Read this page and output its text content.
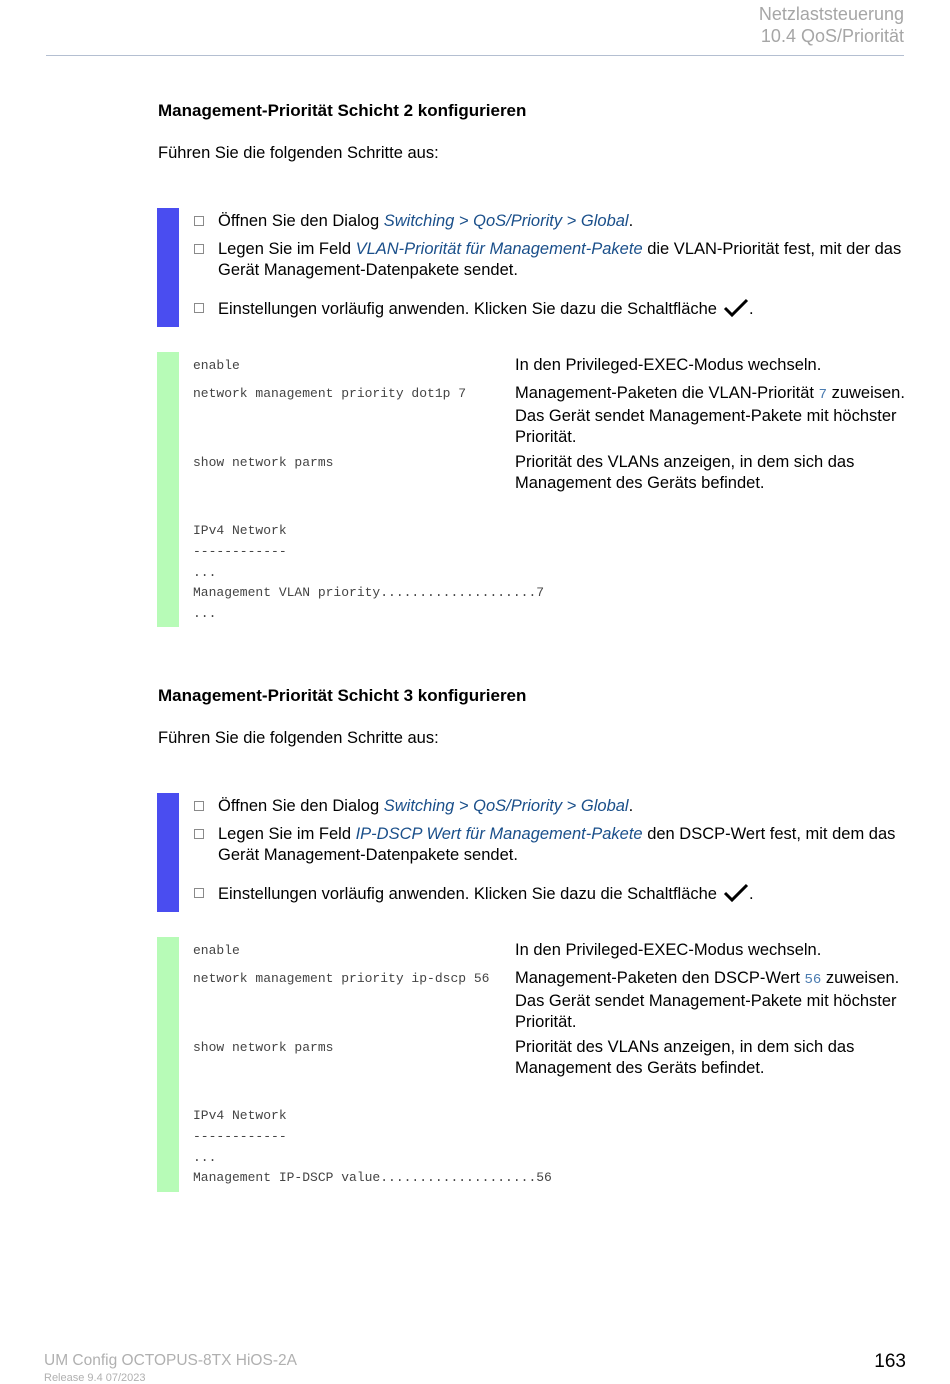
Netzlaststeuerung
10.4 QoS/Priorität
Management-Priorität Schicht 2 konfigurieren
Führen Sie die folgenden Schritte aus:
Öffnen Sie den Dialog Switching > QoS/Priority > Global.
Legen Sie im Feld VLAN-Priorität für Management-Pakete die VLAN-Priorität fest, mit der das Gerät Management-Datenpakete sendet.
Einstellungen vorläufig anwenden. Klicken Sie dazu die Schaltfläche .
enable	In den Privileged-EXEC-Modus wechseln.
network management priority dot1p 7	Management-Paketen die VLAN-Priorität 7 zuweisen. Das Gerät sendet Management-Pakete mit höchster Priorität.
show network parms	Priorität des VLANs anzeigen, in dem sich das Management des Geräts befindet.
IPv4 Network
------------
...
Management VLAN priority....................7
...
Management-Priorität Schicht 3 konfigurieren
Führen Sie die folgenden Schritte aus:
Öffnen Sie den Dialog Switching > QoS/Priority > Global.
Legen Sie im Feld IP-DSCP Wert für Management-Pakete den DSCP-Wert fest, mit dem das Gerät Management-Datenpakete sendet.
Einstellungen vorläufig anwenden. Klicken Sie dazu die Schaltfläche .
enable	In den Privileged-EXEC-Modus wechseln.
network management priority ip-dscp 56 Management-Paketen den DSCP-Wert 56 zuweisen. Das Gerät sendet Management-Pakete mit höchster Priorität.
show network parms	Priorität des VLANs anzeigen, in dem sich das Management des Geräts befindet.
IPv4 Network
------------
...
Management IP-DSCP value....................56
UM Config OCTOPUS-8TX HiOS-2A
Release 9.4 07/2023
163
